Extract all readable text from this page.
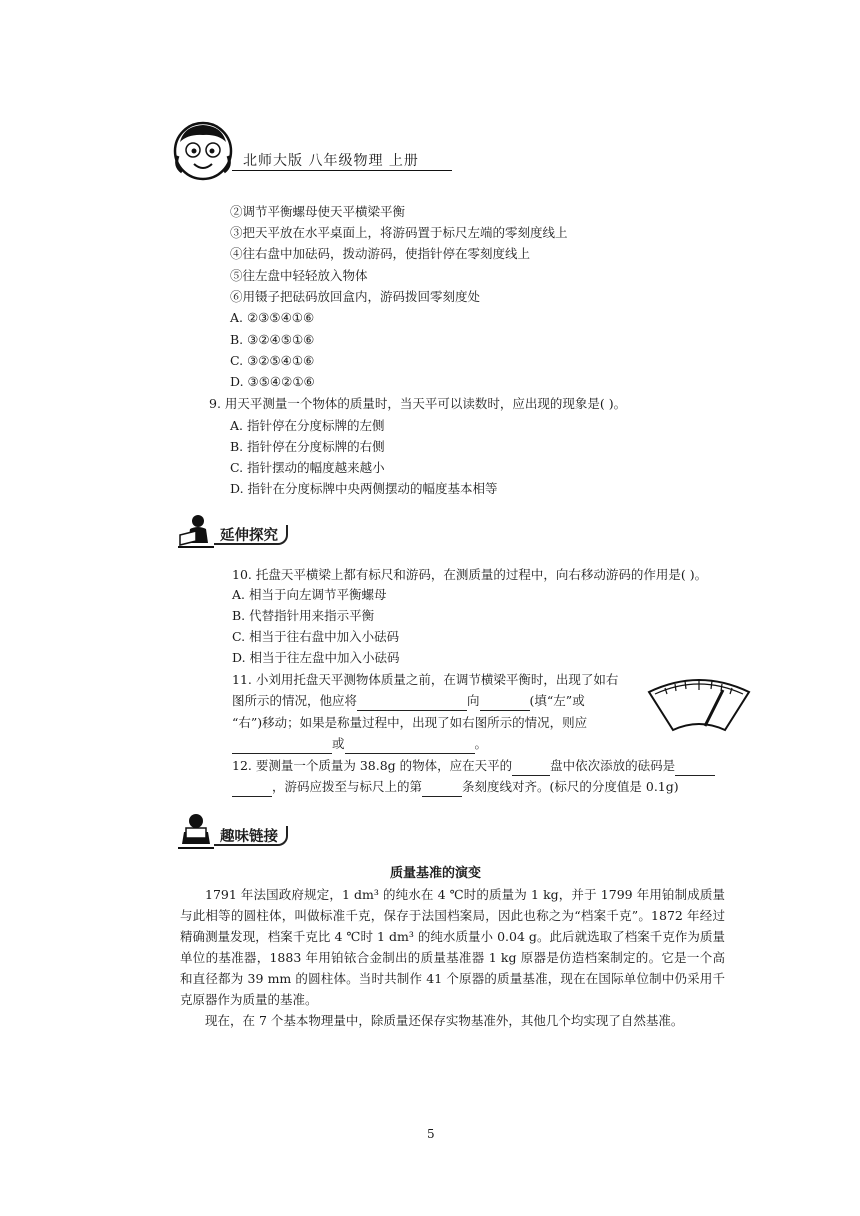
北师大版 八年级物理 上册
②调节平衡螺母使天平横梁平衡
③把天平放在水平桌面上，将游码置于标尺左端的零刻度线上
④往右盘中加砝码，拨动游码，使指针停在零刻度线上
⑤往左盘中轻轻放入物体
⑥用镊子把砝码放回盒内，游码拨回零刻度处
A. ②③⑤④①⑥
B. ③②④⑤①⑥
C. ③②⑤④①⑥
D. ③⑤④②①⑥
9. 用天平测量一个物体的质量时，当天平可以读数时，应出现的现象是( )。
A. 指针停在分度标牌的左侧
B. 指针停在分度标牌的右侧
C. 指针摆动的幅度越来越小
D. 指针在分度标牌中央两侧摆动的幅度基本相等
延伸探究
10. 托盘天平横梁上都有标尺和游码，在测质量的过程中，向右移动游码的作用是( )。
A. 相当于向左调节平衡螺母
B. 代替指针用来指示平衡
C. 相当于往右盘中加入小砝码
D. 相当于往左盘中加入小砝码
11. 小刘用托盘天平测物体质量之前，在调节横梁平衡时，出现了如右
图所示的情况，他应将	向	(填“左”或
“右”)移动；如果是称量过程中，出现了如右图所示的情况，则应
或	。
12. 要测量一个质量为 38.8g 的物体，应在天平的	盘中依次添放的砝码是
，游码应拨至与标尺上的第	条刻度线对齐。(标尺的分度值是 0.1g)
趣味链接
质量基准的演变
1791 年法国政府规定，1 dm³ 的纯水在 4 ℃时的质量为 1 kg，并于 1799 年用铂制成质量与此相等的圆柱体，叫做标准千克，保存于法国档案局，因此也称之为“档案千克”。1872 年经过精确测量发现，档案千克比 4 ℃时 1 dm³ 的纯水质量小 0.04 g。此后就选取了档案千克作为质量单位的基准器，1883 年用铂铱合金制出的质量基准器 1 kg 原器是仿造档案制定的。它是一个高和直径都为 39 mm 的圆柱体。当时共制作 41 个原器的质量基准，现在在国际单位制中仍采用千克原器作为质量的基准。
现在，在 7 个基本物理量中，除质量还保存实物基准外，其他几个均实现了自然基准。
5
